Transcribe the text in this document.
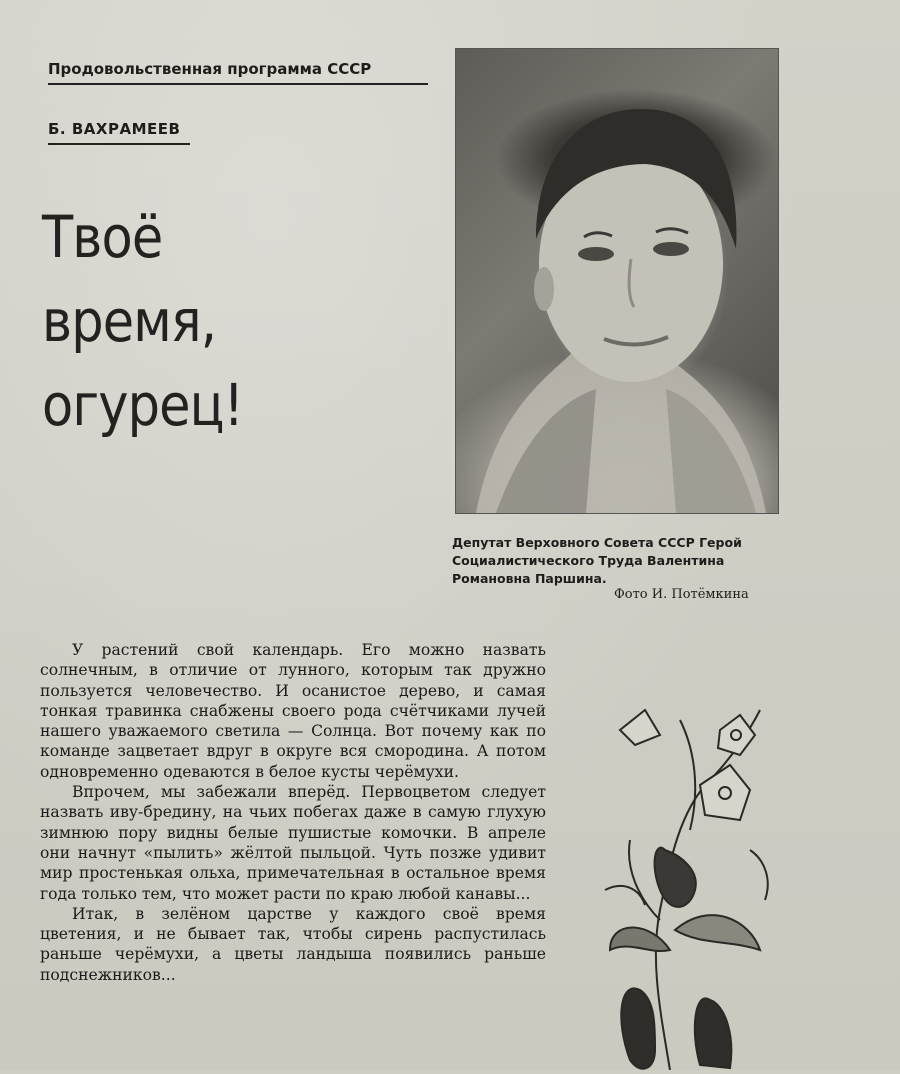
Продовольственная программа СССР
Б. ВАХРАМЕЕВ
Твоё
время,
огурец!
Депутат Верховного Совета СССР Герой Социалистического Труда Валентина Романовна Паршина.
Фото И. Потёмкина

У растений свой календарь. Его можно назвать солнечным, в отличие от лунного, которым так дружно пользуется человечество. И осанистое дерево, и самая тонкая травинка снабжены своего рода счётчиками лучей нашего уважаемого светила — Солнца. Вот почему как по команде зацветает вдруг в округе вся смородина. А потом одновременно одеваются в белое кусты черёмухи.

Впрочем, мы забежали вперёд. Первоцветом следует назвать иву-бредину, на чьих побегах даже в самую глухую зимнюю пору видны белые пушистые комочки. В апреле они начнут «пылить» жёлтой пыльцой. Чуть позже удивит мир простенькая ольха, примечательная в остальное время года только тем, что может расти по краю любой канавы...

Итак, в зелёном царстве у каждого своё время цветения, и не бывает так, чтобы сирень распустилась раньше черёмухи, а цветы ландыша появились раньше подснежников...
